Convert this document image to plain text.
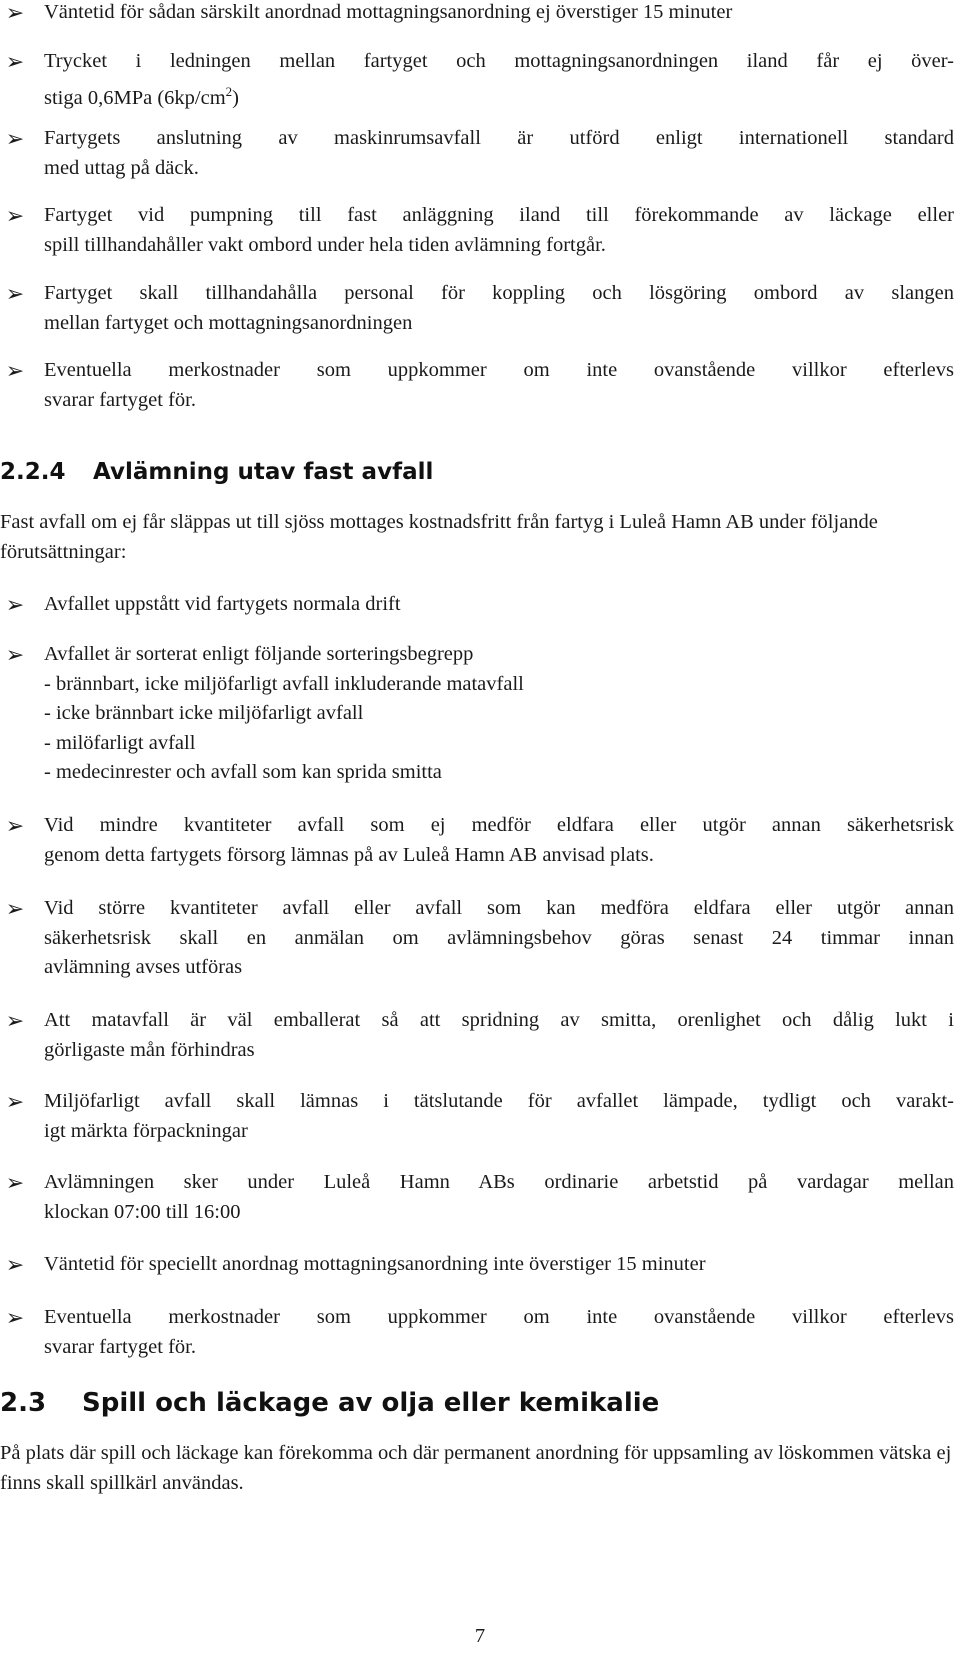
➢ Väntetid för sådan särskilt anordnad mottagningsanordning ej överstiger 15 minuter
➢ Trycket i ledningen mellan fartyget och mottagningsanordningen iland får ej över-
stiga 0,6MPa $(6kp/cm^2)$
➢ Fartygets anslutning av maskinrumsavfall är utförd enligt internationell standard
med uttag på däck.
➢ Fartyget vid pumpning till fast anläggning iland till förekommande av läckage eller
spill tillhandahåller vakt ombord under hela tiden avlämning fortgår.
➢ Fartyget skall tillhandahålla personal för koppling och lösgöring ombord av slangen
mellan fartyget och mottagningsanordningen
➢ Eventuella merkostnader som uppkommer om inte ovanstående villkor efterlevs
svarar fartyget för.
2.2.4 Avlämning utav fast avfall
Fast avfall om ej får släppas ut till sjöss mottages kostnadsfritt från fartyg i Luleå Hamn AB under följande förutsättningar:
➢ Avfallet uppstått vid fartygets normala drift
➢ Avfallet är sorterat enligt följande sorteringsbegrepp
- brännbart, icke miljöfarligt avfall inkluderande matavfall
- icke brännbart icke miljöfarligt avfall
- milöfarligt avfall
- medecinrester och avfall som kan sprida smitta
➢ Vid mindre kvantiteter avfall som ej medför eldfara eller utgör annan säkerhetsrisk
genom detta fartygets försorg lämnas på av Luleå Hamn AB anvisad plats.
➢ Vid större kvantiteter avfall eller avfall som kan medföra eldfara eller utgör annan
säkerhetsrisk skall en anmälan om avlämningsbehov göras senast 24 timmar innan
avlämning avses utföras
➢ Att matavfall är väl emballerat så att spridning av smitta, orenlighet och dålig lukt i
görligaste mån förhindras
➢ Miljöfarligt avfall skall lämnas i tätslutande för avfallet lämpade, tydligt och varakt-
igt märkta förpackningar
➢ Avlämningen sker under Luleå Hamn ABs ordinarie arbetstid på vardagar mellan
klockan 07:00 till 16:00
➢ Väntetid för speciellt anordnag mottagningsanordning inte överstiger 15 minuter
➢ Eventuella merkostnader som uppkommer om inte ovanstående villkor efterlevs
svarar fartyget för.
2.3 Spill och läckage av olja eller kemikalie
På plats där spill och läckage kan förekomma och där permanent anordning för uppsamling av löskommen vätska ej finns skall spillkärl användas.
7
